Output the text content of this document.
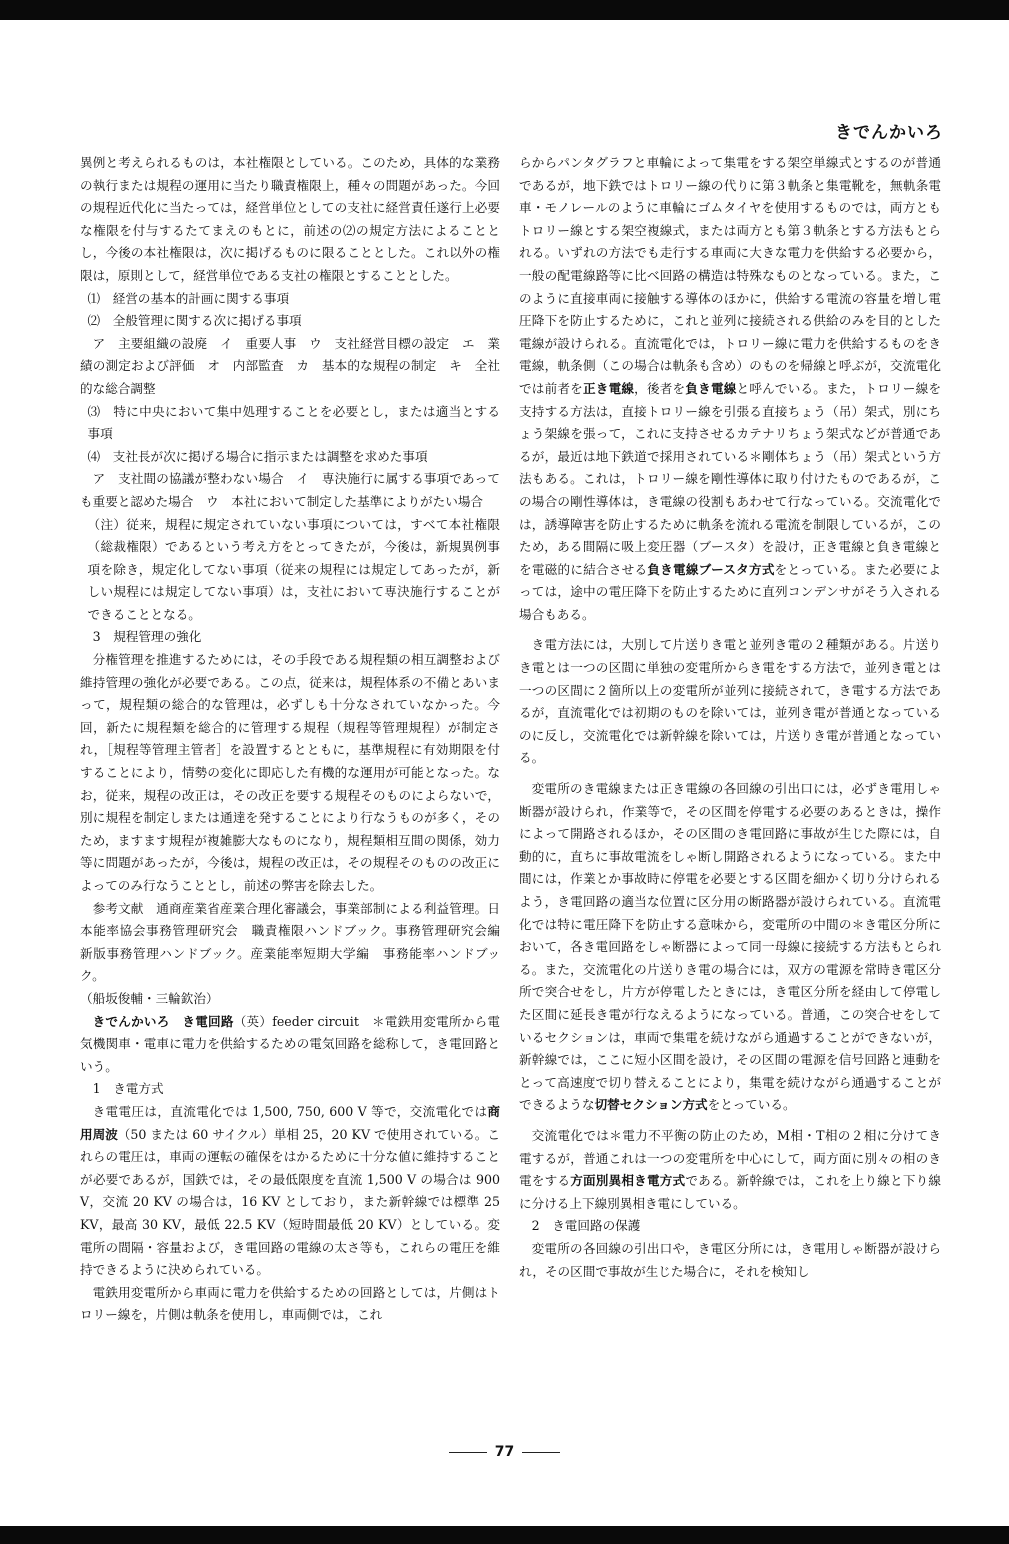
きでんかいろ

異例と考えられるものは，本社権限としている。このため，具体的な業務の執行または規程の運用に当たり職責権限上，種々の問題があった。今回の規程近代化に当たっては，経営単位としての支社に経営責任遂行上必要な権限を付与するたてまえのもとに，前述の⑵の規定方法によることとし，今後の本社権限は，次に掲げるものに限ることとした。これ以外の権限は，原則として，経営単位である支社の権限とすることとした。

⑴　経営の基本的計画に関する事項

⑵　全般管理に関する次に掲げる事項

ア　主要組織の設廃　イ　重要人事　ウ　支社経営目標の設定　エ　業績の測定および評価　オ　内部監査　カ　基本的な規程の制定　キ　全社的な総合調整

⑶　特に中央において集中処理することを必要とし，または適当とする事項

⑷　支社長が次に掲げる場合に指示または調整を求めた事項

ア　支社間の協議が整わない場合　イ　専決施行に属する事項であっても重要と認めた場合　ウ　本社において制定した基準によりがたい場合

（注）従来，規程に規定されていない事項については，すべて本社権限（総裁権限）であるという考え方をとってきたが，今後は，新規異例事項を除き，規定化してない事項（従来の規程には規定してあったが，新しい規程には規定してない事項）は，支社において専決施行することができることとなる。

3　規程管理の強化

分権管理を推進するためには，その手段である規程類の相互調整および維持管理の強化が必要である。この点，従来は，規程体系の不備とあいまって，規程類の総合的な管理は，必ずしも十分なされていなかった。今回，新たに規程類を総合的に管理する規程（規程等管理規程）が制定され，［規程等管理主管者］を設置するとともに，基準規程に有効期限を付することにより，情勢の変化に即応した有機的な運用が可能となった。なお，従来，規程の改正は，その改正を要する規程そのものによらないで，別に規程を制定しまたは通達を発することにより行なうものが多く，そのため，ますます規程が複雑膨大なものになり，規程類相互間の関係，効力等に問題があったが，今後は，規程の改正は，その規程そのものの改正によってのみ行なうこととし，前述の弊害を除去した。

参考文献　通商産業省産業合理化審議会，事業部制による利益管理。日本能率協会事務管理研究会　職責権限ハンドブック。事務管理研究会編　新版事務管理ハンドブック。産業能率短期大学編　事務能率ハンドブック。

（船坂俊輔・三輪欽治）

きでんかいろ　き電回路（英）feeder circuit　＊電鉄用変電所から電気機関車・電車に電力を供給するための電気回路を総称して，き電回路という。

1　き電方式

き電電圧は，直流電化では 1,500, 750, 600 V 等で，交流電化では商用周波（50 または 60 サイクル）単相 25，20 KV で使用されている。これらの電圧は，車両の運転の確保をはかるために十分な値に維持することが必要であるが，国鉄では，その最低限度を直流 1,500 V の場合は 900 V，交流 20 KV の場合は，16 KV としており，また新幹線では標準 25 KV，最高 30 KV，最低 22.5 KV（短時間最低 20 KV）としている。変電所の間隔・容量および，き電回路の電線の太さ等も，これらの電圧を維持できるように決められている。

電鉄用変電所から車両に電力を供給するための回路としては，片側はトロリー線を，片側は軌条を使用し，車両側では，これ

らからパンタグラフと車輪によって集電をする架空単線式とするのが普通であるが，地下鉄ではトロリー線の代りに第３軌条と集電靴を，無軌条電車・モノレールのように車輪にゴムタイヤを使用するものでは，両方ともトロリー線とする架空複線式，または両方とも第３軌条とする方法もとられる。いずれの方法でも走行する車両に大きな電力を供給する必要から，一般の配電線路等に比べ回路の構造は特殊なものとなっている。また，このように直接車両に接触する導体のほかに，供給する電流の容量を増し電圧降下を防止するために，これと並列に接続される供給のみを目的とした電線が設けられる。直流電化では，トロリー線に電力を供給するものをき電線，軌条側（この場合は軌条も含め）のものを帰線と呼ぶが，交流電化では前者を正き電線，後者を負き電線と呼んでいる。また，トロリー線を支持する方法は，直接トロリー線を引張る直接ちょう（吊）架式，別にちょう架線を張って，これに支持させるカテナリちょう架式などが普通であるが，最近は地下鉄道で採用されている＊剛体ちょう（吊）架式という方法もある。これは，トロリー線を剛性導体に取り付けたものであるが，この場合の剛性導体は，き電線の役割もあわせて行なっている。交流電化では，誘導障害を防止するために軌条を流れる電流を制限しているが，このため，ある間隔に吸上変圧器（ブースタ）を設け，正き電線と負き電線とを電磁的に結合させる負き電線ブースタ方式をとっている。また必要によっては，途中の電圧降下を防止するために直列コンデンサがそう入される場合もある。

き電方法には，大別して片送りき電と並列き電の２種類がある。片送りき電とは一つの区間に単独の変電所からき電をする方法で，並列き電とは一つの区間に２箇所以上の変電所が並列に接続されて，き電する方法であるが，直流電化では初期のものを除いては，並列き電が普通となっているのに反し，交流電化では新幹線を除いては，片送りき電が普通となっている。

変電所のき電線または正き電線の各回線の引出口には，必ずき電用しゃ断器が設けられ，作業等で，その区間を停電する必要のあるときは，操作によって開路されるほか，その区間のき電回路に事故が生じた際には，自動的に，直ちに事故電流をしゃ断し開路されるようになっている。また中間には，作業とか事故時に停電を必要とする区間を細かく切り分けられるよう，き電回路の適当な位置に区分用の断路器が設けられている。直流電化では特に電圧降下を防止する意味から，変電所の中間の＊き電区分所において，各き電回路をしゃ断器によって同一母線に接続する方法もとられる。また，交流電化の片送りき電の場合には，双方の電源を常時き電区分所で突合せをし，片方が停電したときには，き電区分所を経由して停電した区間に延長き電が行なえるようになっている。普通，この突合せをしているセクションは，車両で集電を続けながら通過することができないが，新幹線では，ここに短小区間を設け，その区間の電源を信号回路と連動をとって高速度で切り替えることにより，集電を続けながら通過することができるような切替セクション方式をとっている。

交流電化では＊電力不平衡の防止のため，M相・T相の２相に分けてき電するが，普通これは一つの変電所を中心にして，両方面に別々の相のき電をする方面別異相き電方式である。新幹線では，これを上り線と下り線に分ける上下線別異相き電にしている。

2　き電回路の保護

変電所の各回線の引出口や，き電区分所には，き電用しゃ断器が設けられ，その区間で事故が生じた場合に，それを検知し

77
